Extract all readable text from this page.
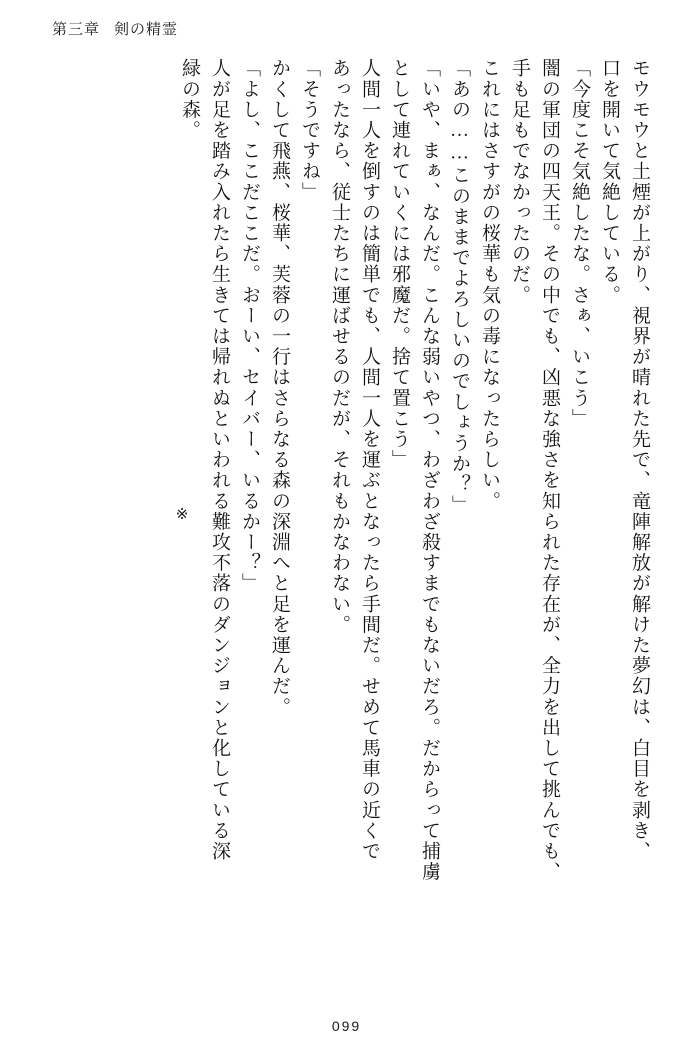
第三章 剣の精霊
モウモウと土煙が上がり、視界が晴れた先で、竜陣解放が解けた夢幻は、白目を剥き、
口を開いて気絶している。
「今度こそ気絶したな。さぁ、いこう」
闇の軍団の四天王。その中でも、凶悪な強さを知られた存在が、全力を出して挑んでも、
手も足もでなかったのだ。
これにはさすがの桜華も気の毒になったらしい。
「あの……このままでよろしいのでしょうか？」
「いや、まぁ、なんだ。こんな弱いやつ、わざわざ殺すまでもないだろ。だからって捕虜
として連れていくには邪魔だ。捨て置こう」
人間一人を倒すのは簡単でも、人間一人を運ぶとなったら手間だ。せめて馬車の近くで
あったなら、従士たちに運ばせるのだが、それもかなわない。
「そうですね」
かくして飛燕、桜華、芙蓉の一行はさらなる森の深淵へと足を運んだ。
「よし、ここだここだ。おーい、セイバー、いるかー？」
人が足を踏み入れたら生きては帰れぬといわれる難攻不落のダンジョンと化している深
緑の森。
※
099
